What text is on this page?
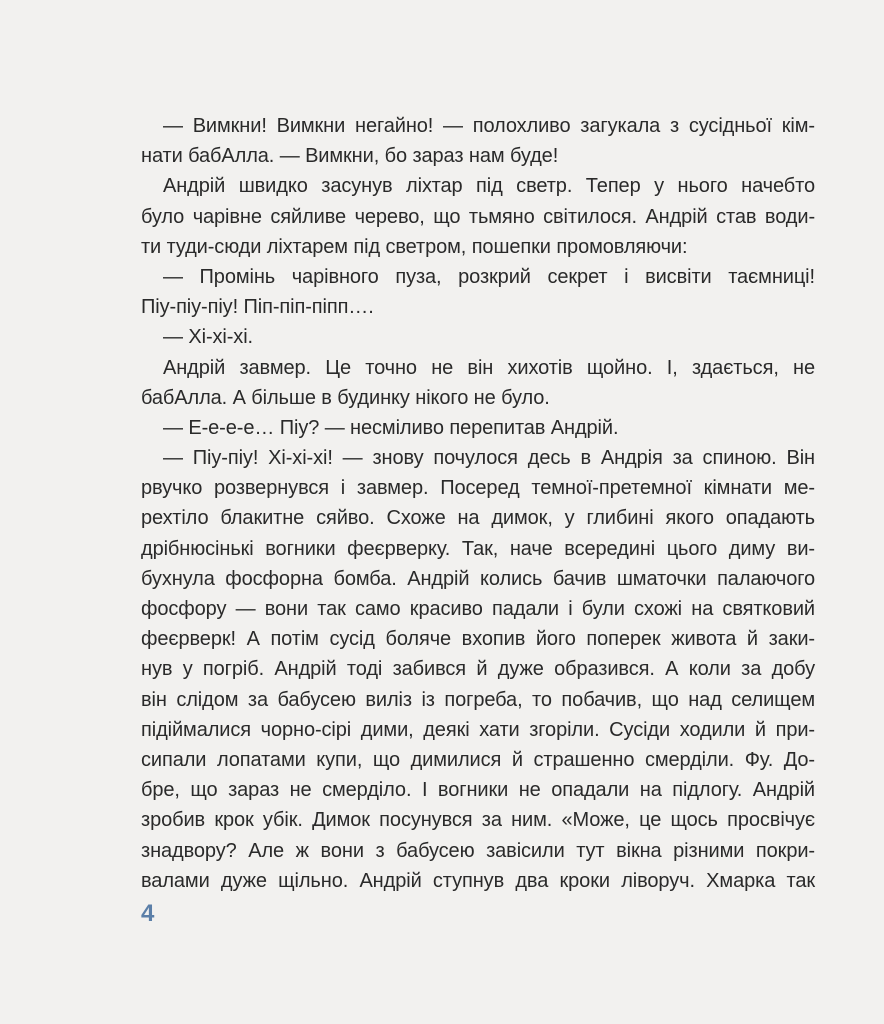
— Вимкни! Вимкни негайно! — полохливо загукала з сусідньої кім-
нати бабАлла. — Вимкни, бо зараз нам буде!
Андрій швидко засунув ліхтар під светр. Тепер у нього начебто
було чарівне сяйливе черево, що тьмяно світилося. Андрій став води-
ти туди-сюди ліхтарем під светром, пошепки промовляючи:
— Промінь чарівного пуза, розкрий секрет і висвіти таємниці!
Піу-піу-піу! Піп-піп-піпп….
— Хі-хі-хі.
Андрій завмер. Це точно не він хихотів щойно. І, здається, не
бабАлла. А більше в будинку нікого не було.
— Е-е-е-е… Піу? — несміливо перепитав Андрій.
— Піу-піу! Хі-хі-хі! — знову почулося десь в Андрія за спиною. Він
рвучко розвернувся і завмер. Посеред темної-претемної кімнати ме-
рехтіло блакитне сяйво. Схоже на димок, у глибині якого опадають
дрібнюсінькі вогники феєрверку. Так, наче всередині цього диму ви-
бухнула фосфорна бомба. Андрій колись бачив шматочки палаючого
фосфору — вони так само красиво падали і були схожі на святковий
феєрверк! А потім сусід боляче вхопив його поперек живота й заки-
нув у погріб. Андрій тоді забився й дуже образився. А коли за добу
він слідом за бабусею виліз із погреба, то побачив, що над селищем
підіймалися чорно-сірі дими, деякі хати згоріли. Сусіди ходили й при-
сипали лопатами купи, що димилися й страшенно смерділи. Фу. До-
бре, що зараз не смерділо. І вогники не опадали на підлогу. Андрій
зробив крок убік. Димок посунувся за ним. «Може, це щось просвічує
знадвору? Але ж вони з бабусею завісили тут вікна різними покри-
валами дуже щільно. Андрій ступнув два кроки ліворуч. Хмарка так
4
